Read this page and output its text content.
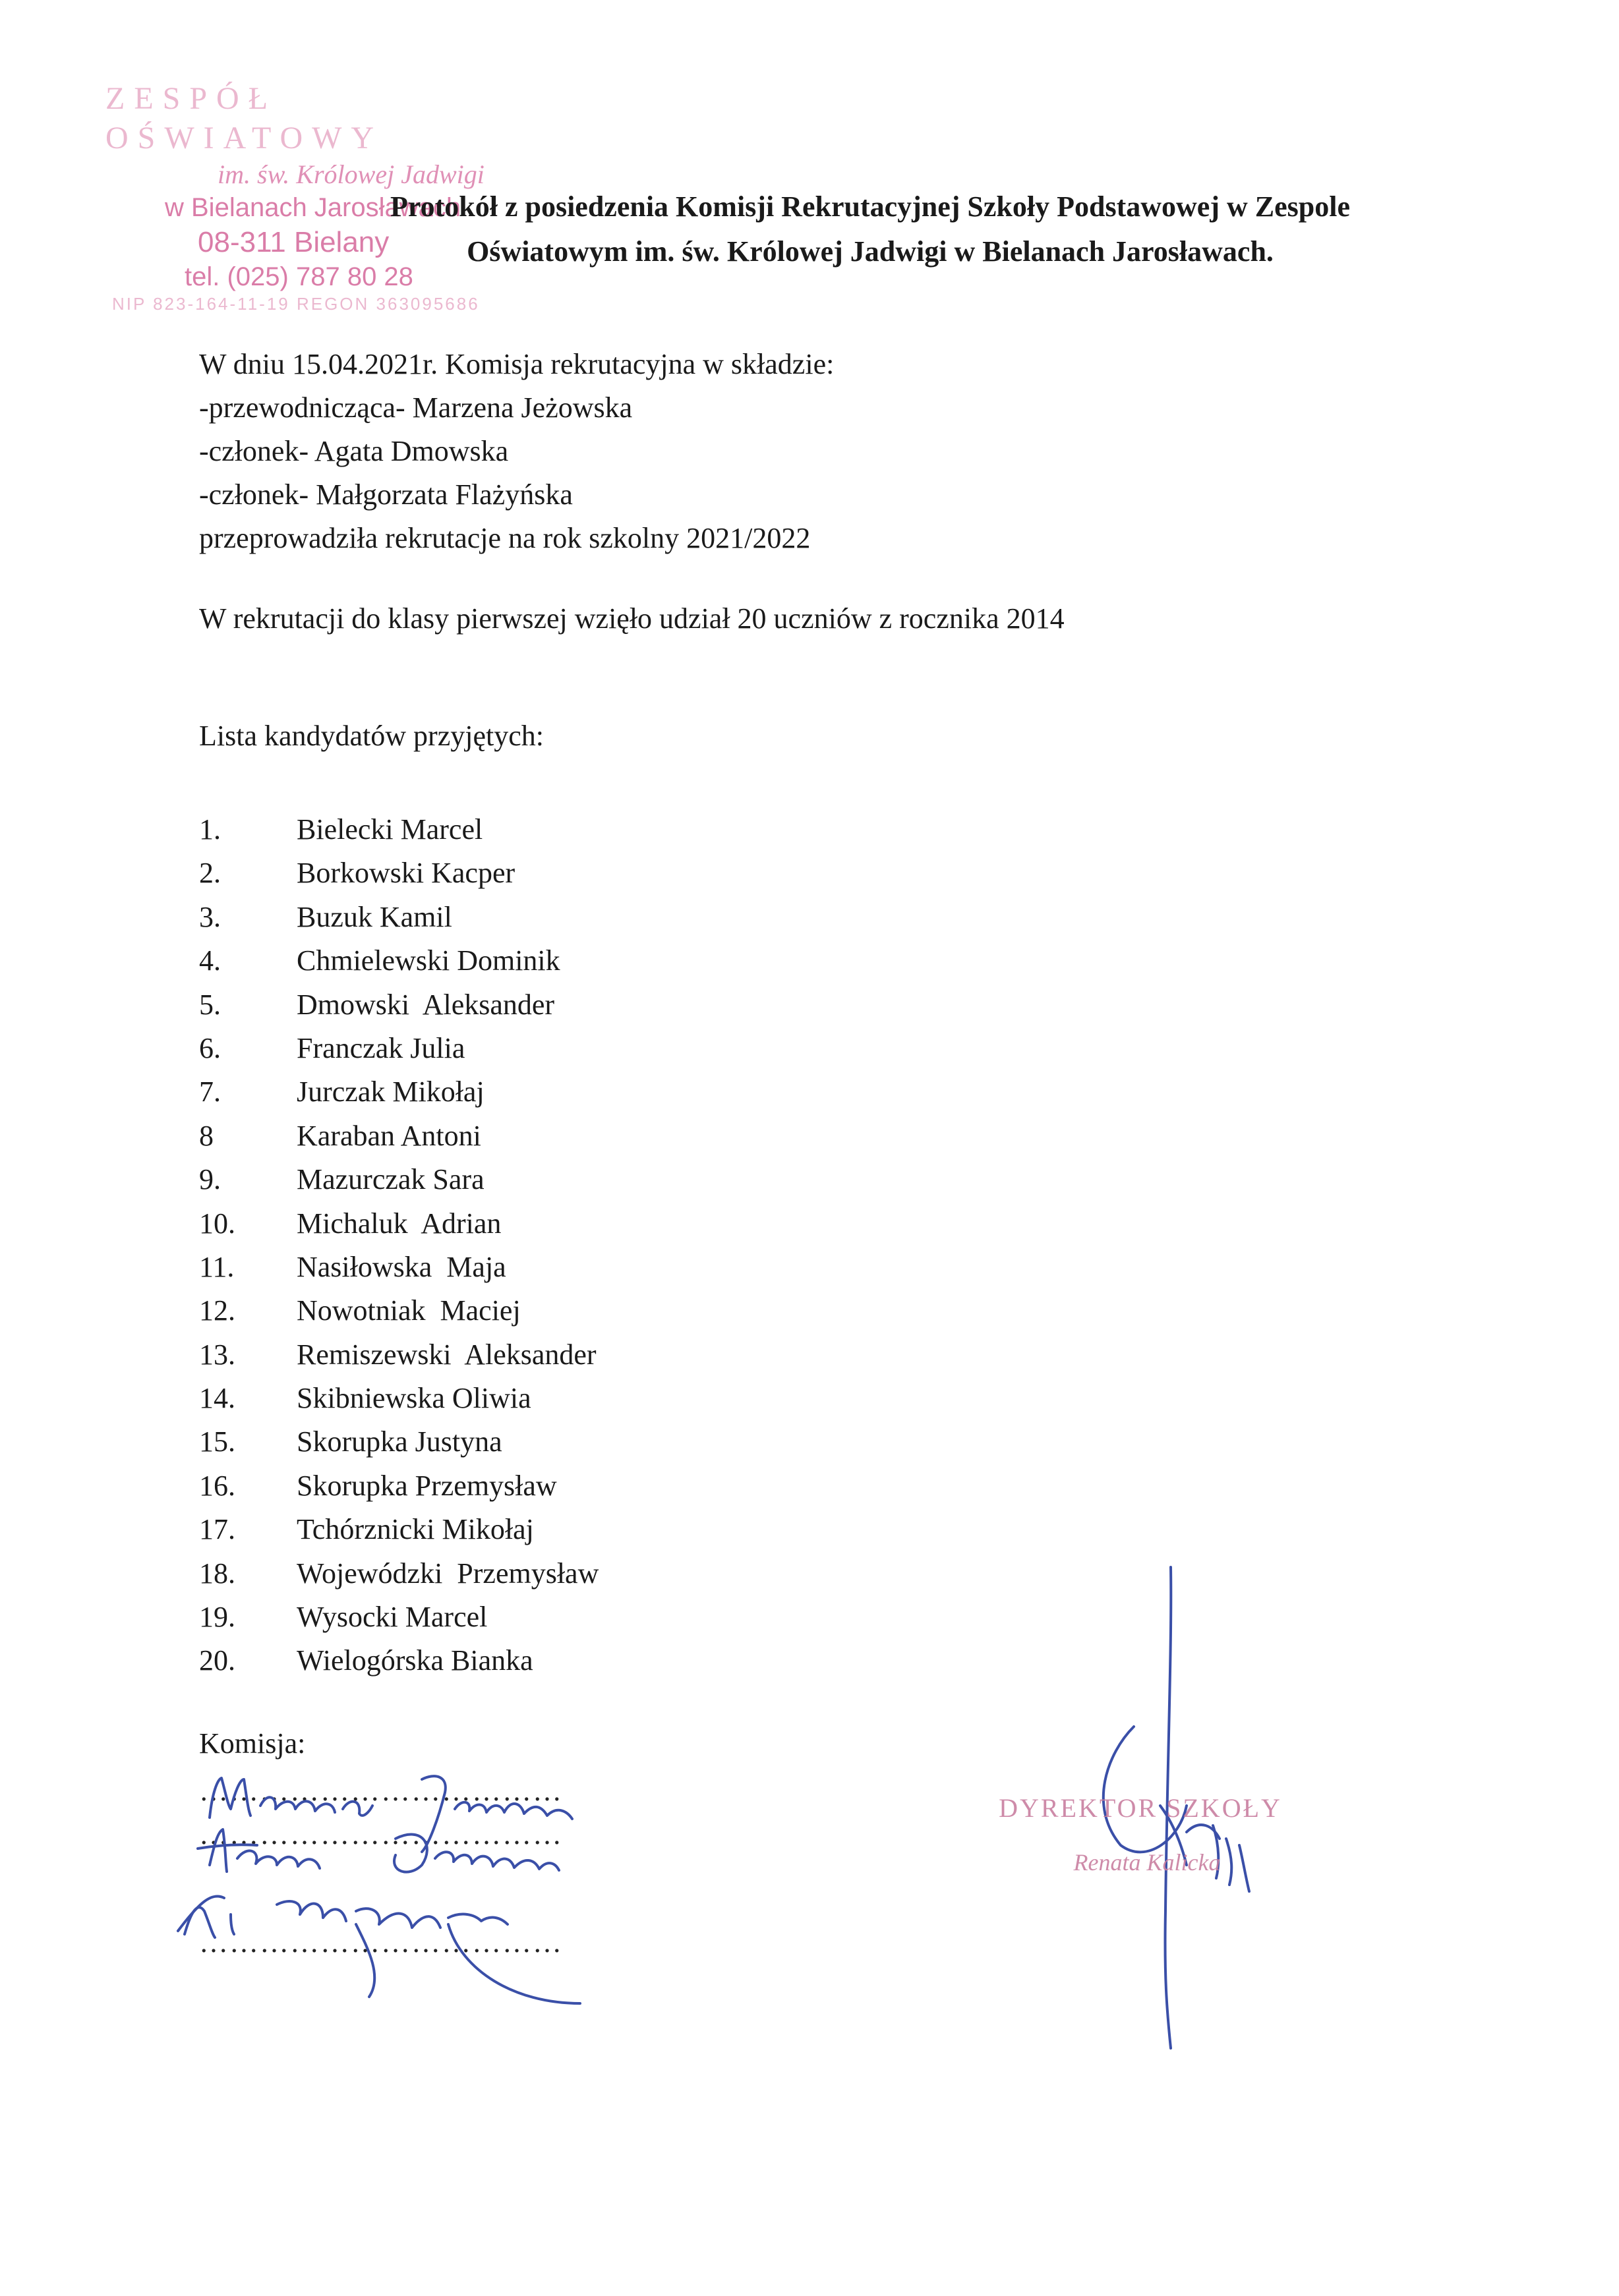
ZESPÓŁ OŚWIATOWY
im. św. Królowej Jadwigi
w Bielanach Jarosławach
08-311 Bielany
tel. (025) 787 80 28
NIP 823-164-11-19 REGON 363095686
Protokół z posiedzenia Komisji Rekrutacyjnej Szkoły Podstawowej w Zespole
Oświatowym im. św. Królowej Jadwigi w Bielanach Jarosławach.
W dniu 15.04.2021r. Komisja rekrutacyjna w składzie:
-przewodnicząca- Marzena Jeżowska
-członek- Agata Dmowska
-członek- Małgorzata Flażyńska
przeprowadziła rekrutacje na rok szkolny 2021/2022
W rekrutacji do klasy pierwszej wzięło udział 20 uczniów z rocznika 2014
Lista kandydatów przyjętych:
1.	Bielecki Marcel
2.	Borkowski Kacper
3.	Buzuk Kamil
4.	Chmielewski Dominik
5.	Dmowski  Aleksander
6.	Franczak Julia
7.	Jurczak Mikołaj
8	Karaban Antoni
9.	Mazurczak Sara
10. Michaluk  Adrian
11. Nasiłowska  Maja
12. Nowotniak  Maciej
13. Remiszewski  Aleksander
14. Skibniewska Oliwia
15. Skorupka Justyna
16. Skorupka Przemysław
17. Tchórznicki Mikołaj
18. Wojewódzki  Przemysław
19. Wysocki Marcel
20. Wielogórska Bianka
Komisja:
………………………………
………………………………
………………………………
DYREKTOR SZKOŁY
Renata Kalicka
